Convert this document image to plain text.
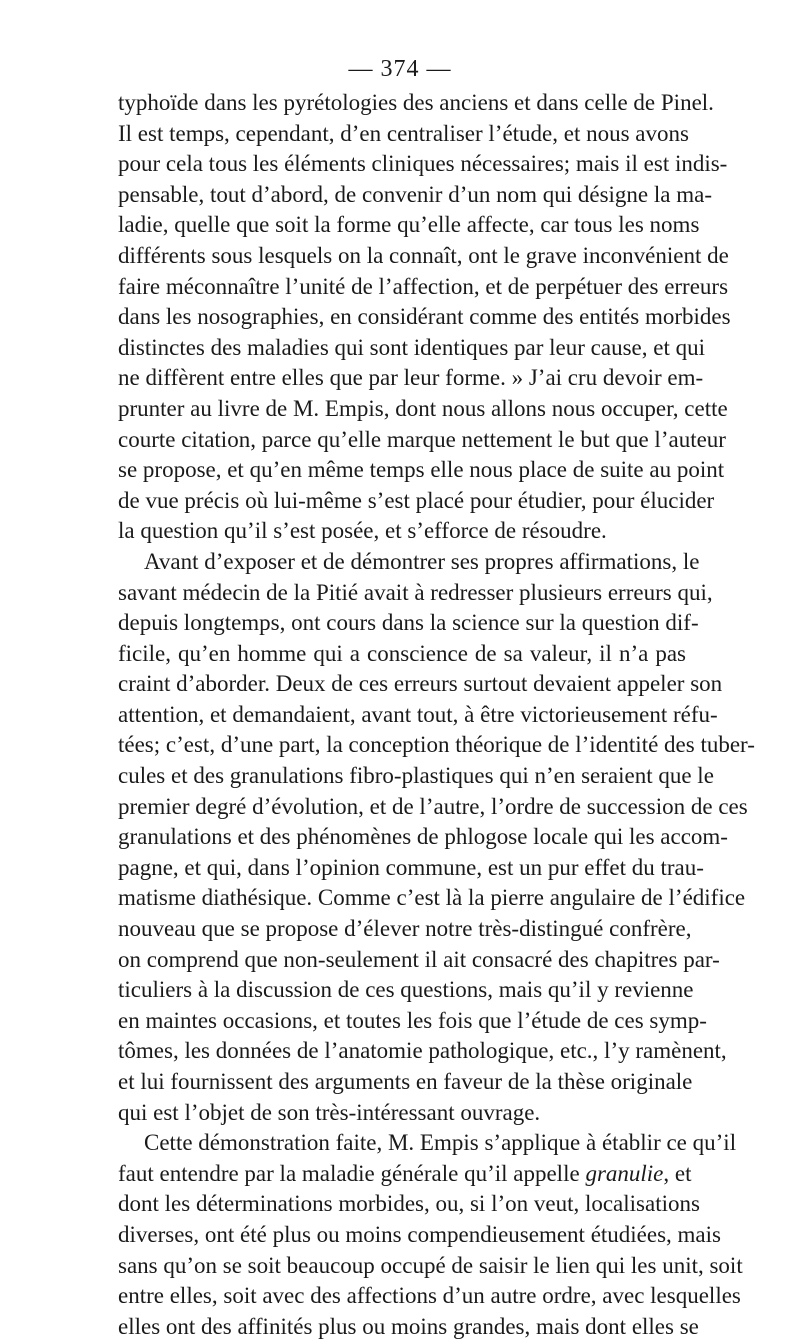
— 374 —
typhoïde dans les pyrétologies des anciens et dans celle de Pinel.
Il est temps, cependant, d’en centraliser l’étude, et nous avons
pour cela tous les éléments cliniques nécessaires; mais il est indis-
pensable, tout d’abord, de convenir d’un nom qui désigne la ma-
ladie, quelle que soit la forme qu’elle affecte, car tous les noms
différents sous lesquels on la connaît, ont le grave inconvénient de
faire méconnaître l’unité de l’affection, et de perpétuer des erreurs
dans les nosographies, en considérant comme des entités morbides
distinctes des maladies qui sont identiques par leur cause, et qui
ne diffèrent entre elles que par leur forme. » J’ai cru devoir em-
prunter au livre de M. Empis, dont nous allons nous occuper, cette
courte citation, parce qu’elle marque nettement le but que l’auteur
se propose, et qu’en même temps elle nous place de suite au point
de vue précis où lui-même s’est placé pour étudier, pour élucider
la question qu’il s’est posée, et s’efforce de résoudre.
Avant d’exposer et de démontrer ses propres affirmations, le
savant médecin de la Pitié avait à redresser plusieurs erreurs qui,
depuis longtemps, ont cours dans la science sur la question dif-
ficile, qu’en homme qui a conscience de sa valeur, il n’a pas
craint d’aborder. Deux de ces erreurs surtout devaient appeler son
attention, et demandaient, avant tout, à être victorieusement réfu-
tées; c’est, d’une part, la conception théorique de l’identité des tuber-
cules et des granulations fibro-plastiques qui n’en seraient que le
premier degré d’évolution, et de l’autre, l’ordre de succession de ces
granulations et des phénomènes de phlogose locale qui les accom-
pagne, et qui, dans l’opinion commune, est un pur effet du trau-
matisme diathésique. Comme c’est là la pierre angulaire de l’édifice
nouveau que se propose d’élever notre très-distingué confrère,
on comprend que non-seulement il ait consacré des chapitres par-
ticuliers à la discussion de ces questions, mais qu’il y revienne
en maintes occasions, et toutes les fois que l’étude de ces symp-
tômes, les données de l’anatomie pathologique, etc., l’y ramènent,
et lui fournissent des arguments en faveur de la thèse originale
qui est l’objet de son très-intéressant ouvrage.
Cette démonstration faite, M. Empis s’applique à établir ce qu’il
faut entendre par la maladie générale qu’il appelle granulie, et
dont les déterminations morbides, ou, si l’on veut, localisations
diverses, ont été plus ou moins compendieusement étudiées, mais
sans qu’on se soit beaucoup occupé de saisir le lien qui les unit, soit
entre elles, soit avec des affections d’un autre ordre, avec lesquelles
elles ont des affinités plus ou moins grandes, mais dont elles se
